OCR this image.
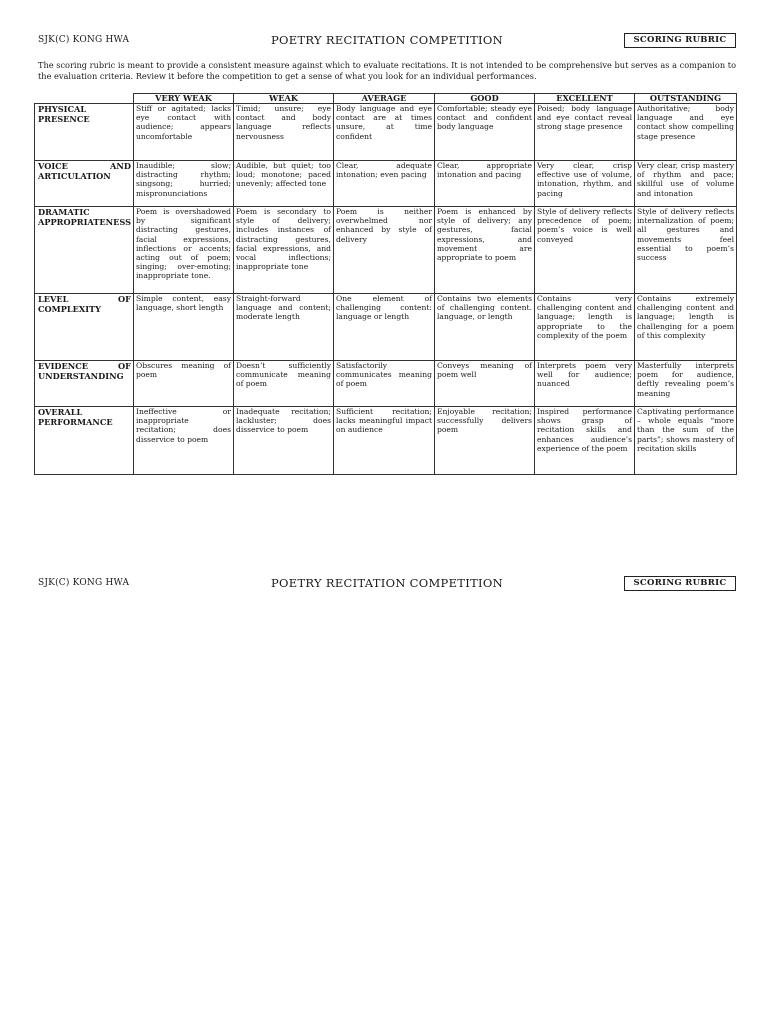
SJK(C) KONG HWA	POETRY RECITATION COMPETITION	SCORING RUBRIC

The scoring rubric is meant to provide a consistent measure against which to evaluate recitations. It is not intended to be comprehensive but serves as a companion to the evaluation criteria. Review it before the competition to get a sense of what you look for an individual performances.

	VERY WEAK	WEAK	AVERAGE	GOOD	EXCELLENT	OUTSTANDING
PHYSICAL PRESENCE	Stiff or agitated; lacks eye contact with audience; appears uncomfortable	Timid; unsure; eye contact and body language reflects nervousness	Body language and eye contact are at times unsure, at time confident	Comfortable; steady eye contact and confident body language	Poised; body language and eye contact reveal strong stage presence	Authoritative; body language and eye contact show compelling stage presence
VOICE AND ARTICULATION	Inaudible; slow; distracting rhythm; singsong; hurried; mispronunciations	Audible, but quiet; too loud; monotone; paced unevenly; affected tone	Clear, adequate intonation; even pacing	Clear, appropriate intonation and pacing	Very clear, crisp effective use of volume, intonation, rhythm, and pacing	Very clear, crisp mastery of rhythm and pace; skillful use of volume and intonation
DRAMATIC APPROPRIATENESS	Poem is overshadowed by significant distracting gestures, facial expressions, inflections or accents; acting out of poem; singing; over-emoting; inappropriate tone.	Poem is secondary to style of delivery; includes instances of distracting gestures, facial expressions, and vocal inflections; inappropriate tone	Poem is neither overwhelmed nor enhanced by style of delivery	Poem is enhanced by style of delivery; any gestures, facial expressions, and movement are appropriate to poem	Style of delivery reflects precedence of poem; poem’s voice is well conveyed	Style of delivery reflects internalization of poem; all gestures and movements feel essential to poem’s success
LEVEL OF COMPLEXITY	Simple content, easy language, short length	Straight-forward language and content; moderate length	One element of challenging content: language or length	Contains two elements of challenging content. language, or length	Contains very challenging content and language; length is appropriate to the complexity of the poem	Contains extremely challenging content and language; length is challenging for a poem of this complexity
EVIDENCE OF UNDERSTANDING	Obscures meaning of poem	Doesn’t sufficiently communicate meaning of poem	Satisfactorily communicates meaning of poem	Conveys meaning of poem well	Interprets poem very well for audience; nuanced	Masterfully interprets poem for audience, deftly revealing poem’s meaning
OVERALL PERFORMANCE	Ineffective or inappropriate recitation; does disservice to poem	Inadequate recitation; lackluster; does disservice to poem	Sufficient recitation; lacks meaningful impact on audience	Enjoyable recitation; successfully delivers poem	Inspired performance shows grasp of recitation skills and enhances audience’s experience of the poem	Captivating performance – whole equals “more than the sum of the parts”; shows mastery of recitation skills
SJK(C) KONG HWA	POETRY RECITATION COMPETITION	SCORING RUBRIC
